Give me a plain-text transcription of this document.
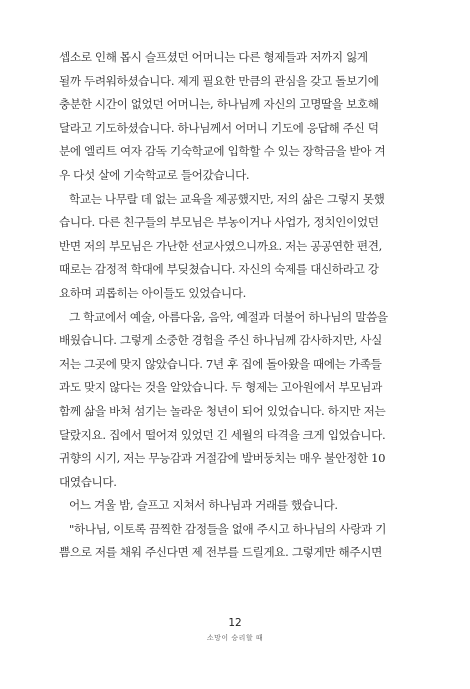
셉소로 인해 몹시 슬프셨던 어머니는 다른 형제들과 저까지 잃게
될까 두려워하셨습니다. 제게 필요한 만큼의 관심을 갖고 돌보기에
충분한 시간이 없었던 어머니는, 하나님께 자신의 고명딸을 보호해
달라고 기도하셨습니다. 하나님께서 어머니 기도에 응답해 주신 덕
분에 엘리트 여자 감독 기숙학교에 입학할 수 있는 장학금을 받아 겨
우 다섯 살에 기숙학교로 들어갔습니다.
학교는 나무랄 데 없는 교육을 제공했지만, 저의 삶은 그렇지 못했
습니다. 다른 친구들의 부모님은 부농이거나 사업가, 정치인이었던
반면 저의 부모님은 가난한 선교사였으니까요. 저는 공공연한 편견,
때로는 감정적 학대에 부딪쳤습니다. 자신의 숙제를 대신하라고 강
요하며 괴롭히는 아이들도 있었습니다.
그 학교에서 예술, 아름다움, 음악, 예절과 더불어 하나님의 말씀을
배웠습니다. 그렇게 소중한 경험을 주신 하나님께 감사하지만, 사실
저는 그곳에 맞지 않았습니다. 7년 후 집에 돌아왔을 때에는 가족들
과도 맞지 않다는 것을 알았습니다. 두 형제는 고아원에서 부모님과
함께 삶을 바쳐 섬기는 놀라운 청년이 되어 있었습니다. 하지만 저는
달랐지요. 집에서 떨어져 있었던 긴 세월의 타격을 크게 입었습니다.
귀향의 시기, 저는 무능감과 거절감에 발버둥치는 매우 불안정한 10
대였습니다.
어느 겨울 밤, 슬프고 지쳐서 하나님과 거래를 했습니다.
"하나님, 이토록 끔찍한 감정들을 없애 주시고 하나님의 사랑과 기
쁨으로 저를 채워 주신다면 제 전부를 드릴게요. 그렇게만 해주시면
12
소망이 승리할 때
